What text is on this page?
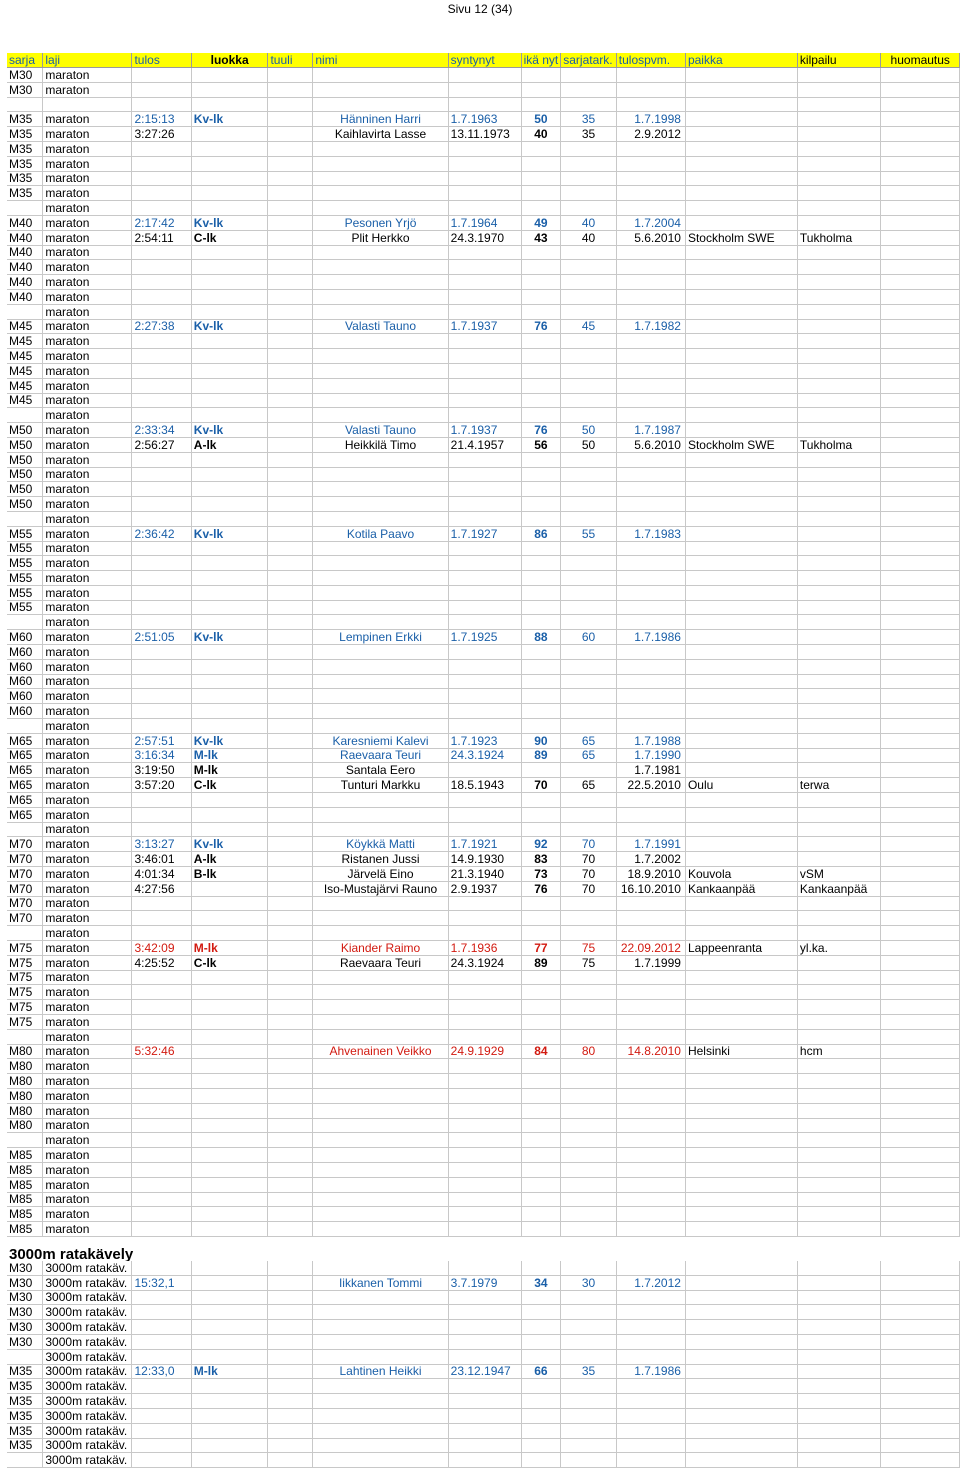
Sivu 12 (34)
sarja	laji	tulos	luokka	tuuli	nimi	syntynyt	ikä nyt	sarjatark.	tulospvm.	paikka	kilpailu	huomautus
M30	maraton											
M30	maraton											

M35	maraton	2:15:13	Kv-lk		Hänninen Harri	1.7.1963	50	35	1.7.1998			
M35	maraton	3:27:26			Kaihlavirta Lasse	13.11.1973	40	35	2.9.2012			
M35	maraton											
M35	maraton											
M35	maraton											
M35	maraton											
	maraton											
M40	maraton	2:17:42	Kv-lk		Pesonen Yrjö	1.7.1964	49	40	1.7.2004			
M40	maraton	2:54:11	C-lk		Plit Herkko	24.3.1970	43	40	5.6.2010	Stockholm SWE	Tukholma	
M40	maraton											
M40	maraton											
M40	maraton											
M40	maraton											
	maraton											
M45	maraton	2:27:38	Kv-lk		Valasti Tauno	1.7.1937	76	45	1.7.1982			
M45	maraton											
M45	maraton											
M45	maraton											
M45	maraton											
M45	maraton											
	maraton											
M50	maraton	2:33:34	Kv-lk		Valasti Tauno	1.7.1937	76	50	1.7.1987			
M50	maraton	2:56:27	A-lk		Heikkilä Timo	21.4.1957	56	50	5.6.2010	Stockholm SWE	Tukholma	
M50	maraton											
M50	maraton											
M50	maraton											
M50	maraton											
	maraton											
M55	maraton	2:36:42	Kv-lk		Kotila Paavo	1.7.1927	86	55	1.7.1983			
M55	maraton											
M55	maraton											
M55	maraton											
M55	maraton											
M55	maraton											
	maraton											
M60	maraton	2:51:05	Kv-lk		Lempinen Erkki	1.7.1925	88	60	1.7.1986			
M60	maraton											
M60	maraton											
M60	maraton											
M60	maraton											
M60	maraton											
	maraton											
M65	maraton	2:57:51	Kv-lk		Karesniemi Kalevi	1.7.1923	90	65	1.7.1988			
M65	maraton	3:16:34	M-lk		Raevaara Teuri	24.3.1924	89	65	1.7.1990			
M65	maraton	3:19:50	M-lk		Santala Eero				1.7.1981			
M65	maraton	3:57:20	C-lk		Tunturi Markku	18.5.1943	70	65	22.5.2010	Oulu	terwa	
M65	maraton											
M65	maraton											
	maraton											
M70	maraton	3:13:27	Kv-lk		Köykkä Matti	1.7.1921	92	70	1.7.1991			
M70	maraton	3:46:01	A-lk		Ristanen Jussi	14.9.1930	83	70	1.7.2002			
M70	maraton	4:01:34	B-lk		Järvelä Eino	21.3.1940	73	70	18.9.2010	Kouvola	vSM	
M70	maraton	4:27:56			Iso-Mustajärvi Rauno	2.9.1937	76	70	16.10.2010	Kankaanpää	Kankaanpää	
M70	maraton											
M70	maraton											
	maraton											
M75	maraton	3:42:09	M-lk		Kiander Raimo	1.7.1936	77	75	22.09.2012	Lappeenranta	yl.ka.	
M75	maraton	4:25:52	C-lk		Raevaara Teuri	24.3.1924	89	75	1.7.1999			
M75	maraton											
M75	maraton											
M75	maraton											
M75	maraton											
	maraton											
M80	maraton	5:32:46			Ahvenainen Veikko	24.9.1929	84	80	14.8.2010	Helsinki	hcm	
M80	maraton											
M80	maraton											
M80	maraton											
M80	maraton											
M80	maraton											
	maraton											
M85	maraton											
M85	maraton											
M85	maraton											
M85	maraton											
M85	maraton											
M85	maraton											
3000m ratakävely												
M30	3000m ratakäv.											
M30	3000m ratakäv.	15:32,1			Iikkanen Tommi	3.7.1979	34	30	1.7.2012			
M30	3000m ratakäv.											
M30	3000m ratakäv.											
M30	3000m ratakäv.											
M30	3000m ratakäv.											
	3000m ratakäv.											
M35	3000m ratakäv.	12:33,0	M-lk		Lahtinen Heikki	23.12.1947	66	35	1.7.1986			
M35	3000m ratakäv.											
M35	3000m ratakäv.											
M35	3000m ratakäv.											
M35	3000m ratakäv.											
M35	3000m ratakäv.											
	3000m ratakäv.											
